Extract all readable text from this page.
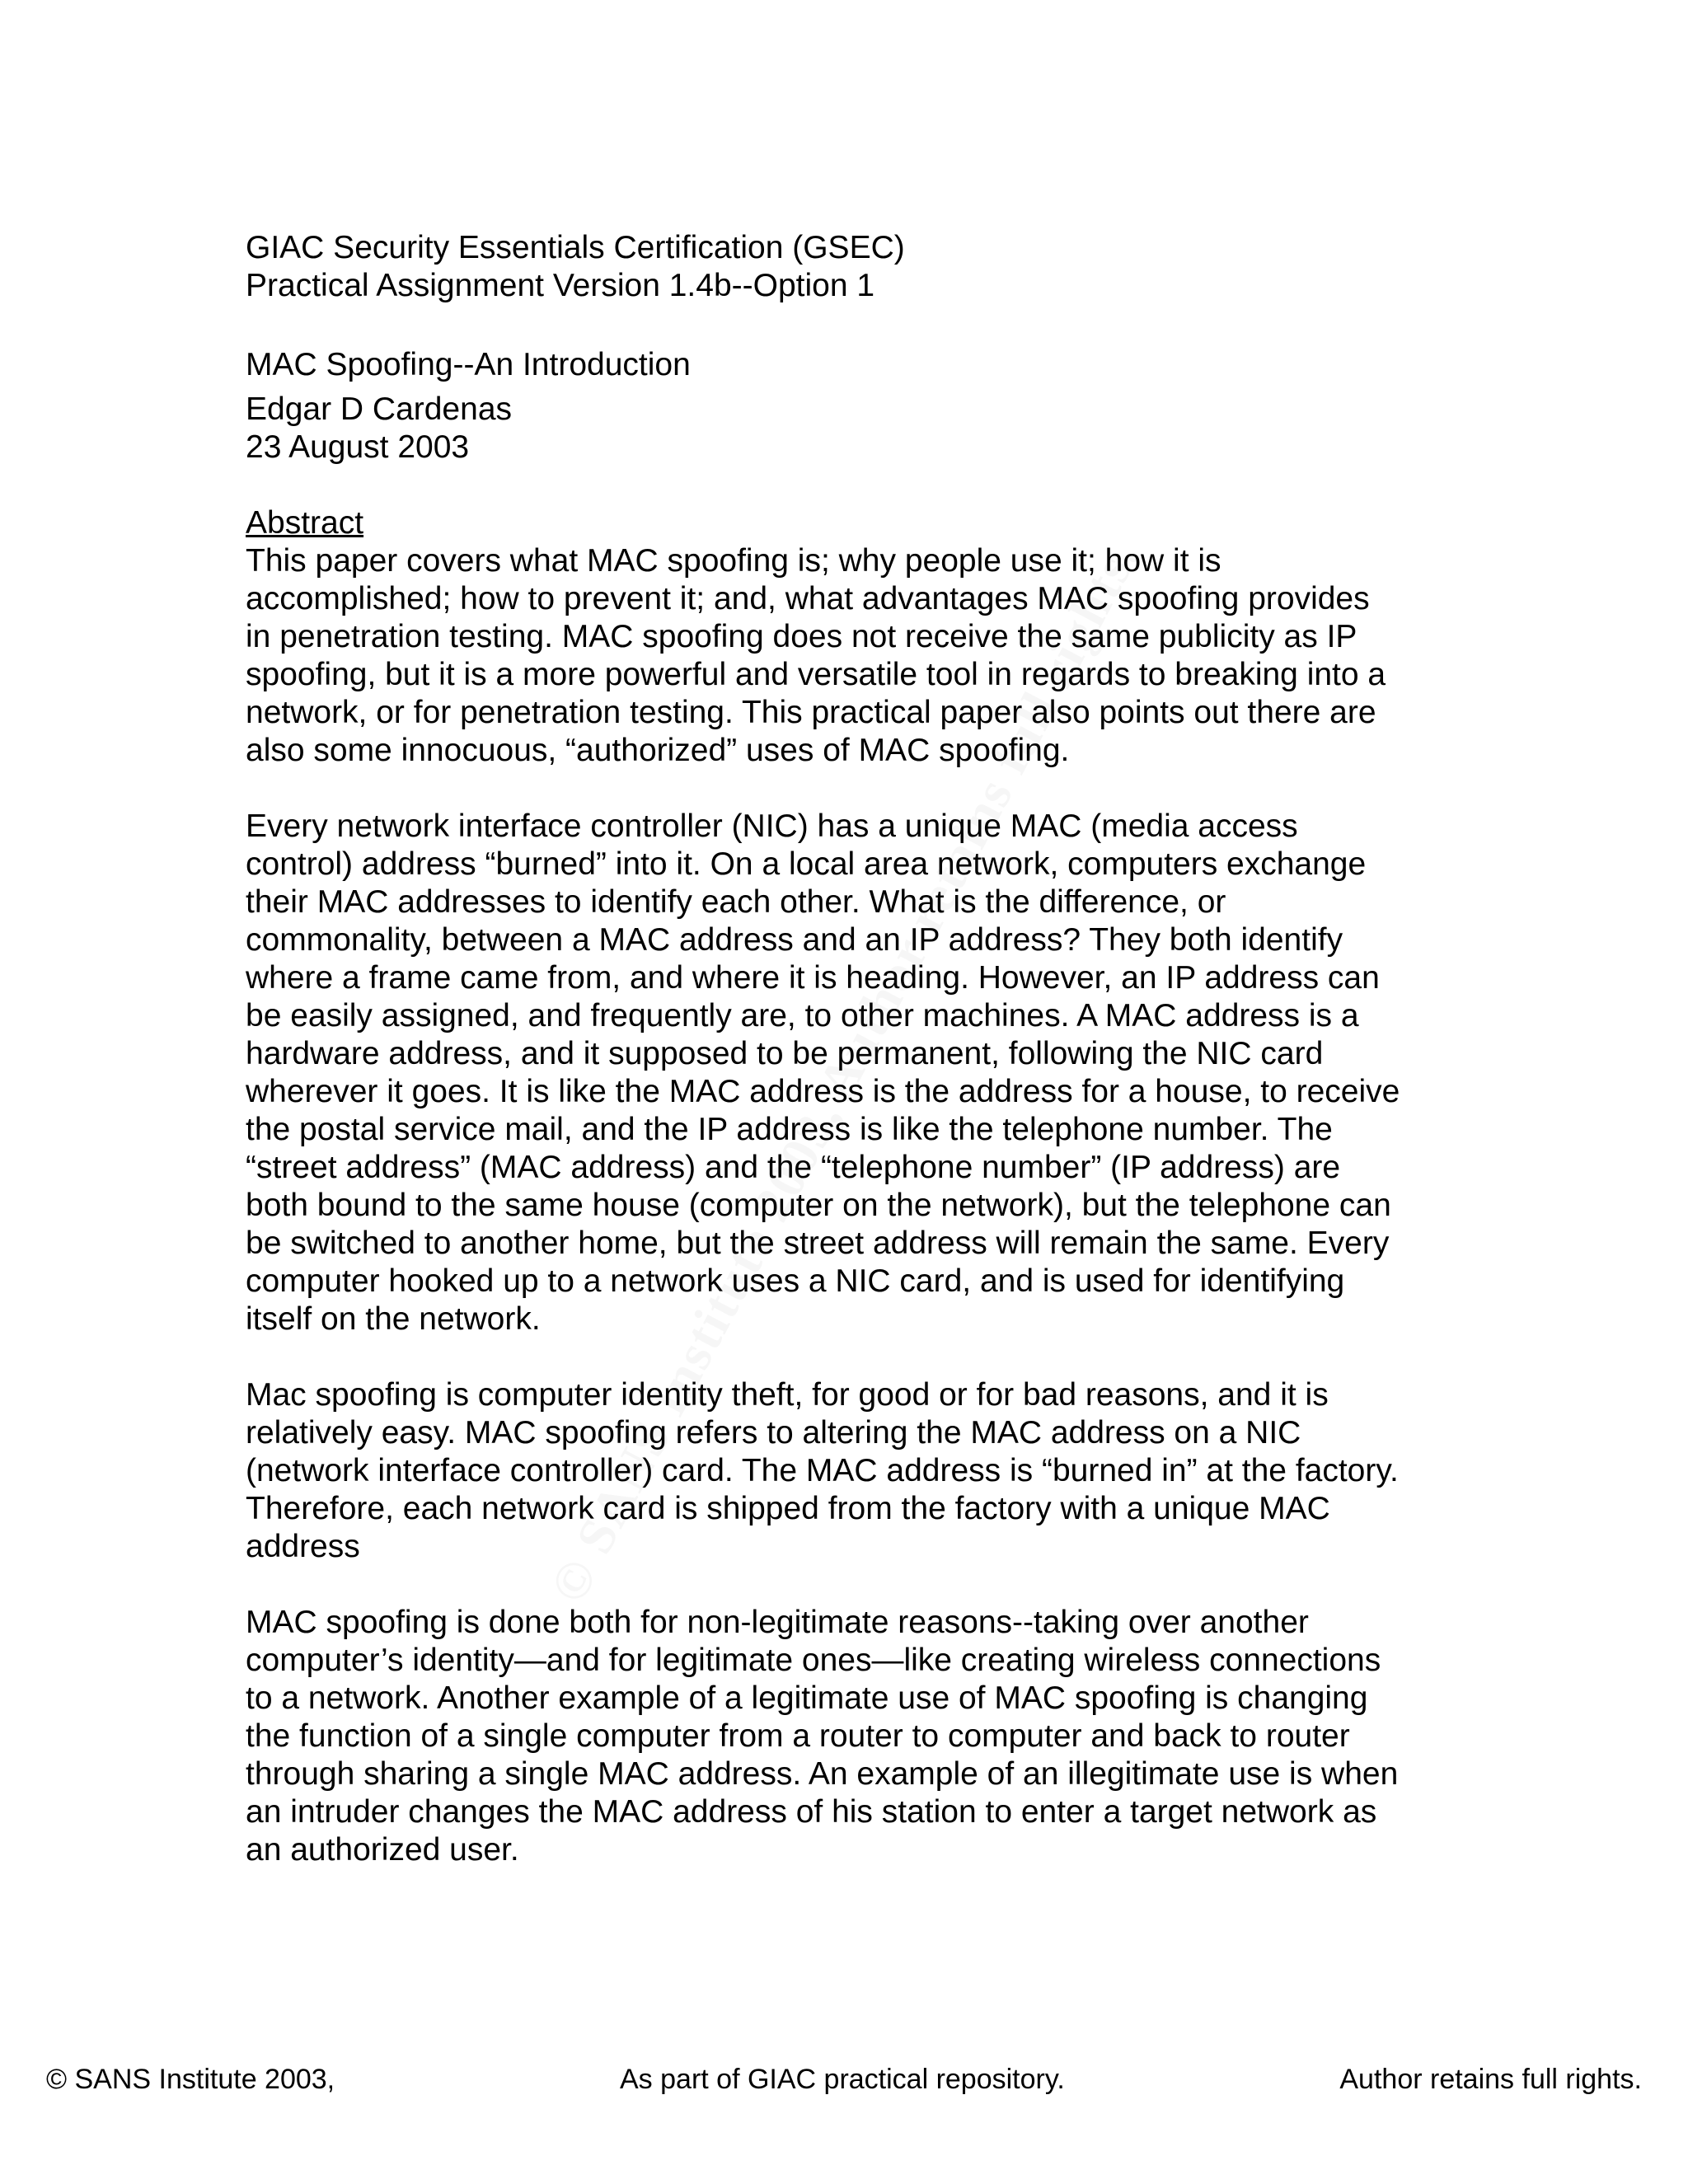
GIAC Security Essentials Certification (GSEC)
Practical Assignment Version 1.4b--Option 1
MAC Spoofing--An Introduction
Edgar D Cardenas
23 August 2003
Abstract
This paper covers what MAC spoofing is; why people use it; how it is
accomplished; how to prevent it; and, what advantages MAC spoofing provides
in penetration testing. MAC spoofing does not receive the same publicity as IP
spoofing, but it is a more powerful and versatile tool in regards to breaking into a
network, or for penetration testing. This practical paper also points out there are
also some innocuous, “authorized” uses of MAC spoofing.
Every network interface controller (NIC) has a unique MAC (media access
control) address “burned” into it. On a local area network, computers exchange
their MAC addresses to identify each other. What is the difference, or
commonality, between a MAC address and an IP address? They both identify
where a frame came from, and where it is heading. However, an IP address can
be easily assigned, and frequently are, to other machines. A MAC address is a
hardware address, and it supposed to be permanent, following the NIC card
wherever it goes. It is like the MAC address is the address for a house, to receive
the postal service mail, and the IP address is like the telephone number. The
“street address” (MAC address) and the “telephone number” (IP address) are
both bound to the same house (computer on the network), but the telephone can
be switched to another home, but the street address will remain the same. Every
computer hooked up to a network uses a NIC card, and is used for identifying
itself on the network.
Mac spoofing is computer identity theft, for good or for bad reasons, and it is
relatively easy. MAC spoofing refers to altering the MAC address on a NIC
(network interface controller) card. The MAC address is “burned in” at the factory.
Therefore, each network card is shipped from the factory with a unique MAC
address
MAC spoofing is done both for non-legitimate reasons--taking over another
computer’s identity—and for legitimate ones—like creating wireless connections
to a network. Another example of a legitimate use of MAC spoofing is changing
the function of a single computer from a router to computer and back to router
through sharing a single MAC address. An example of an illegitimate use is when
an intruder changes the MAC address of his station to enter a target network as
an authorized user.
© SANS Institute 2003,	As part of GIAC practical repository.	Author retains full rights.
